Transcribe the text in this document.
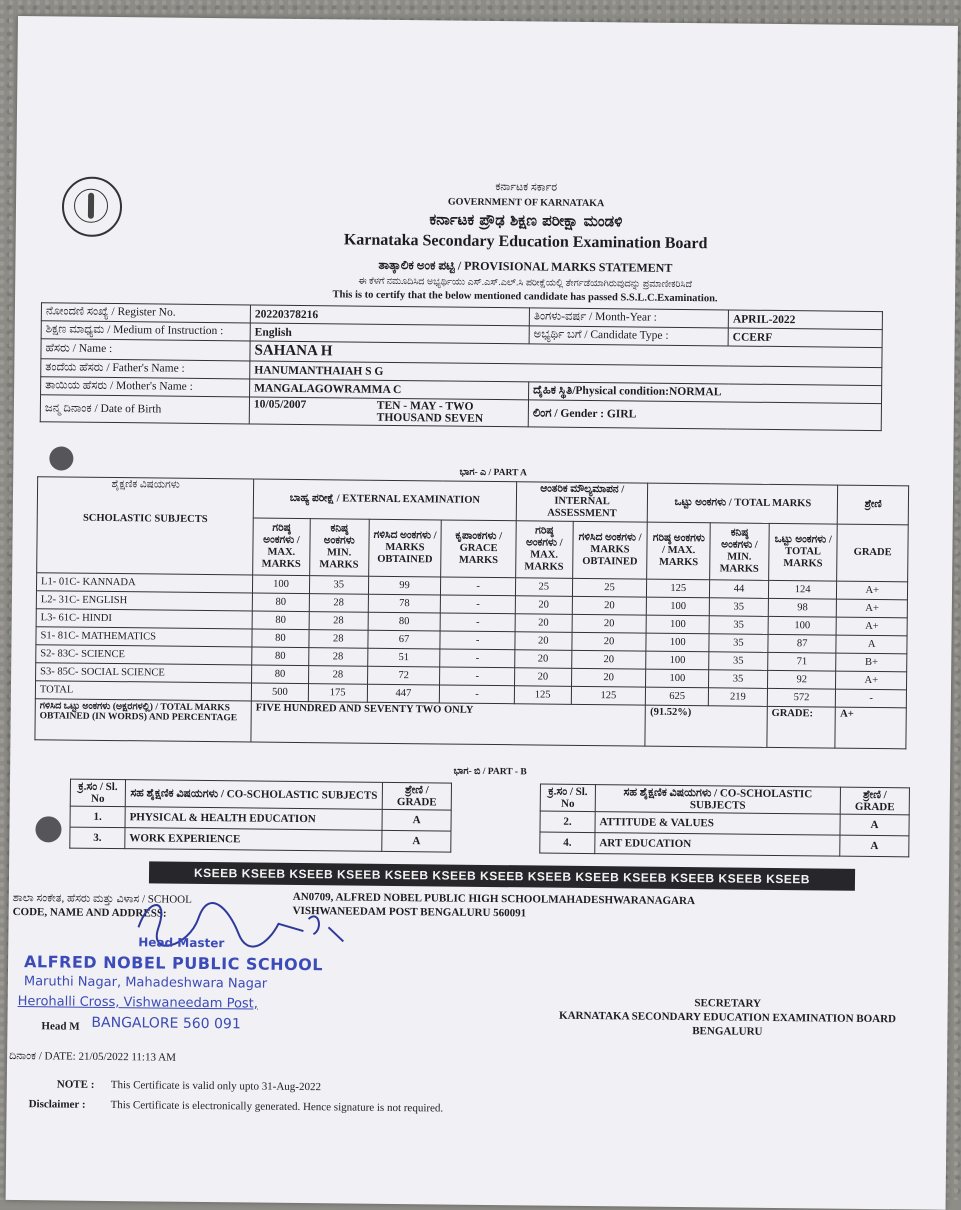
ಕರ್ನಾಟಕ ಸರ್ಕಾರ
GOVERNMENT OF KARNATAKA
ಕರ್ನಾಟಕ ಪ್ರೌಢ ಶಿಕ್ಷಣ ಪರೀಕ್ಷಾ ಮಂಡಳಿ
Karnataka Secondary Education Examination Board
ತಾತ್ಕಾಲಿಕ ಅಂಕ ಪಟ್ಟಿ / PROVISIONAL MARKS STATEMENT
ಈ ಕೆಳಗೆ ನಮೂದಿಸಿದ ಅಭ್ಯರ್ಥಿಯು ಎಸ್.ಎಸ್.ಎಲ್.ಸಿ ಪರೀಕ್ಷೆಯಲ್ಲಿ ತೇರ್ಗಡೆಯಾಗಿರುವುದನ್ನು ಪ್ರಮಾಣೀಕರಿಸಿದೆ
This is to certify that the below mentioned candidate has passed S.S.L.C.Examination.
ನೋಂದಣಿ ಸಂಖ್ಯೆ / Register No.	20220378216	ತಿಂಗಳು-ವರ್ಷ / Month-Year :	APRIL-2022
ಶಿಕ್ಷಣ ಮಾಧ್ಯಮ / Medium of Instruction :	English	ಅಭ್ಯರ್ಥಿ ಬಗೆ / Candidate Type :	CCERF
ಹೆಸರು / Name :	SAHANA H		
ತಂದೆಯ ಹೆಸರು / Father's Name :	HANUMANTHAIAH S G		
ತಾಯಿಯ ಹೆಸರು / Mother's Name :	MANGALAGOWRAMMA C	ದೈಹಿಕ ಸ್ಥಿತಿ/Physical condition:NORMAL	
ಜನ್ಮ ದಿನಾಂಕ / Date of Birth	10/05/2007 TEN - MAY - TWO THOUSAND SEVEN	ಲಿಂಗ / Gender : GIRL	
ಭಾಗ- ಎ / PART A
ಶೈಕ್ಷಣಿಕ ವಿಷಯಗಳು
SCHOLASTIC SUBJECTS	ಬಾಹ್ಯ ಪರೀಕ್ಷೆ / EXTERNAL EXAMINATION				ಆಂತರಿಕ ಮೌಲ್ಯಮಾಪನ / INTERNAL ASSESSMENT		ಒಟ್ಟು ಅಂಕಗಳು / TOTAL MARKS			ಶ್ರೇಣಿ
	ಗರಿಷ್ಠ ಅಂಕಗಳು / MAX. MARKS	ಕನಿಷ್ಠ ಅಂಕಗಳು MIN. MARKS	ಗಳಿಸಿದ ಅಂಕಗಳು / MARKS OBTAINED	ಕೃಪಾಂಕಗಳು / GRACE MARKS	ಗರಿಷ್ಠ ಅಂಕಗಳು / MAX. MARKS	ಗಳಿಸಿದ ಅಂಕಗಳು / MARKS OBTAINED	ಗರಿಷ್ಠ ಅಂಕಗಳು / MAX. MARKS	ಕನಿಷ್ಠ ಅಂಕಗಳು / MIN. MARKS	ಒಟ್ಟು ಅಂಕಗಳು / TOTAL MARKS	GRADE
L1- 01C- KANNADA	100	35	99	-	25	25	125	44	124	A+
L2- 31C- ENGLISH	80	28	78	-	20	20	100	35	98	A+
L3- 61C- HINDI	80	28	80	-	20	20	100	35	100	A+
S1- 81C- MATHEMATICS	80	28	67	-	20	20	100	35	87	A
S2- 83C- SCIENCE	80	28	51	-	20	20	100	35	71	B+
S3- 85C- SOCIAL SCIENCE	80	28	72	-	20	20	100	35	92	A+
TOTAL	500	175	447	-	125	125	625	219	572	-
ಗಳಿಸಿದ ಒಟ್ಟು ಅಂಕಗಳು (ಅಕ್ಷರಗಳಲ್ಲಿ) / TOTAL MARKS OBTAINED (IN WORDS) AND PERCENTAGE	FIVE HUNDRED AND SEVENTY TWO ONLY						(91.52%)		GRADE:	A+
ಭಾಗ- ಬಿ / PART - B
ಕ್ರ.ಸಂ / Sl. No	ಸಹ ಶೈಕ್ಷಣಿಕ ವಿಷಯಗಳು / CO-SCHOLASTIC SUBJECTS	ಶ್ರೇಣಿ / GRADE
1.	PHYSICAL & HEALTH EDUCATION	A
3.	WORK EXPERIENCE	A
ಕ್ರ.ಸಂ / Sl. No	ಸಹ ಶೈಕ್ಷಣಿಕ ವಿಷಯಗಳು / CO-SCHOLASTIC SUBJECTS	ಶ್ರೇಣಿ / GRADE
2.	ATTITUDE & VALUES	A
4.	ART EDUCATION	A
KSEEB KSEEB KSEEB KSEEB KSEEB KSEEB KSEEB KSEEB KSEEB KSEEB KSEEB KSEEB KSEEB
ಶಾಲಾ ಸಂಕೇತ, ಹೆಸರು ಮತ್ತು ವಿಳಾಸ / SCHOOL
CODE, NAME AND ADDRESS:
AN0709, ALFRED NOBEL PUBLIC HIGH SCHOOLMAHADESHWARANAGARA
VISHWANEEDAM POST BENGALURU 560091
Head Master
ALFRED NOBEL PUBLIC SCHOOL
Maruthi Nagar, Mahadeshwara Nagar
Herohalli Cross, Vishwaneedam Post,
Head M BANGALORE 560 091
SECRETARY
KARNATAKA SECONDARY EDUCATION EXAMINATION BOARD
BENGALURU
ದಿನಾಂಕ / DATE: 21/05/2022 11:13 AM
NOTE : This Certificate is valid only upto 31-Aug-2022
Disclaimer : This Certificate is electronically generated. Hence signature is not required.
